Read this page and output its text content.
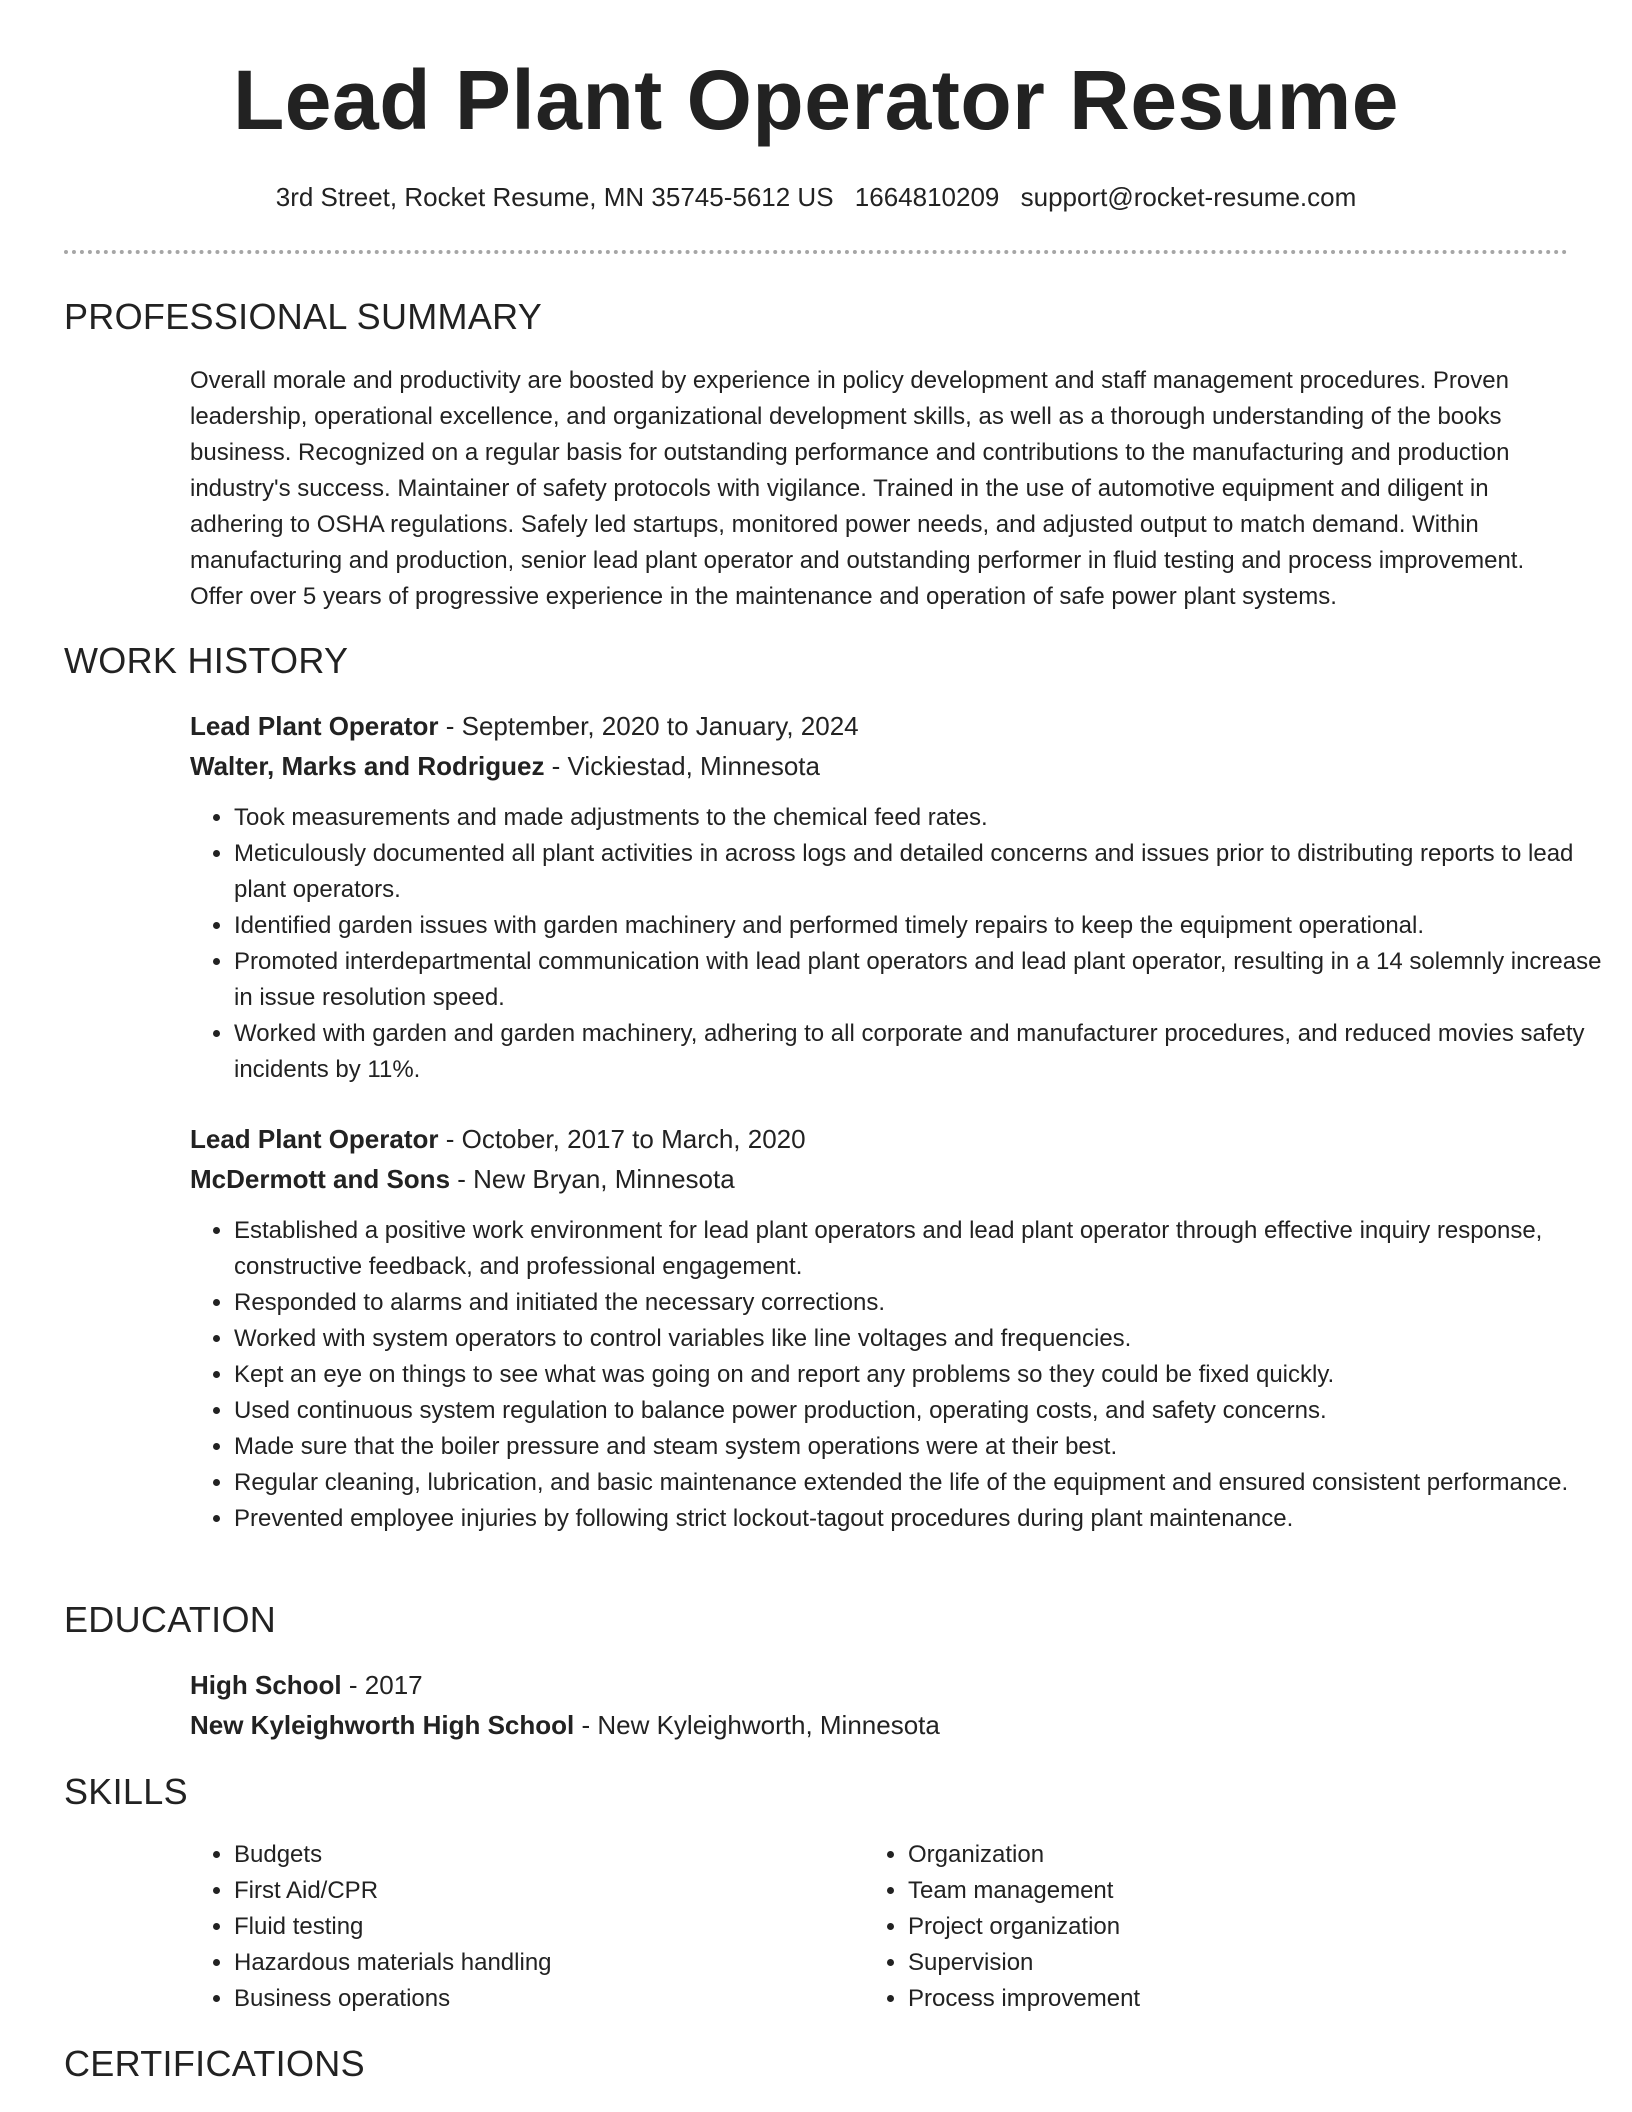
Lead Plant Operator Resume
3rd Street, Rocket Resume, MN 35745-5612 US 1664810209 support@rocket-resume.com
PROFESSIONAL SUMMARY
Overall morale and productivity are boosted by experience in policy development and staff management procedures. Proven leadership, operational excellence, and organizational development skills, as well as a thorough understanding of the books business. Recognized on a regular basis for outstanding performance and contributions to the manufacturing and production industry's success. Maintainer of safety protocols with vigilance. Trained in the use of automotive equipment and diligent in adhering to OSHA regulations. Safely led startups, monitored power needs, and adjusted output to match demand. Within manufacturing and production, senior lead plant operator and outstanding performer in fluid testing and process improvement. Offer over 5 years of progressive experience in the maintenance and operation of safe power plant systems.
WORK HISTORY
Lead Plant Operator - September, 2020 to January, 2024
Walter, Marks and Rodriguez - Vickiestad, Minnesota
• Took measurements and made adjustments to the chemical feed rates.
• Meticulously documented all plant activities in across logs and detailed concerns and issues prior to distributing reports to lead plant operators.
• Identified garden issues with garden machinery and performed timely repairs to keep the equipment operational.
• Promoted interdepartmental communication with lead plant operators and lead plant operator, resulting in a 14 solemnly increase in issue resolution speed.
• Worked with garden and garden machinery, adhering to all corporate and manufacturer procedures, and reduced movies safety incidents by 11%.
Lead Plant Operator - October, 2017 to March, 2020
McDermott and Sons - New Bryan, Minnesota
• Established a positive work environment for lead plant operators and lead plant operator through effective inquiry response, constructive feedback, and professional engagement.
• Responded to alarms and initiated the necessary corrections.
• Worked with system operators to control variables like line voltages and frequencies.
• Kept an eye on things to see what was going on and report any problems so they could be fixed quickly.
• Used continuous system regulation to balance power production, operating costs, and safety concerns.
• Made sure that the boiler pressure and steam system operations were at their best.
• Regular cleaning, lubrication, and basic maintenance extended the life of the equipment and ensured consistent performance.
• Prevented employee injuries by following strict lockout-tagout procedures during plant maintenance.
EDUCATION
High School - 2017
New Kyleighworth High School - New Kyleighworth, Minnesota
SKILLS
• Budgets
• First Aid/CPR
• Fluid testing
• Hazardous materials handling
• Business operations
• Organization
• Team management
• Project organization
• Supervision
• Process improvement
CERTIFICATIONS
